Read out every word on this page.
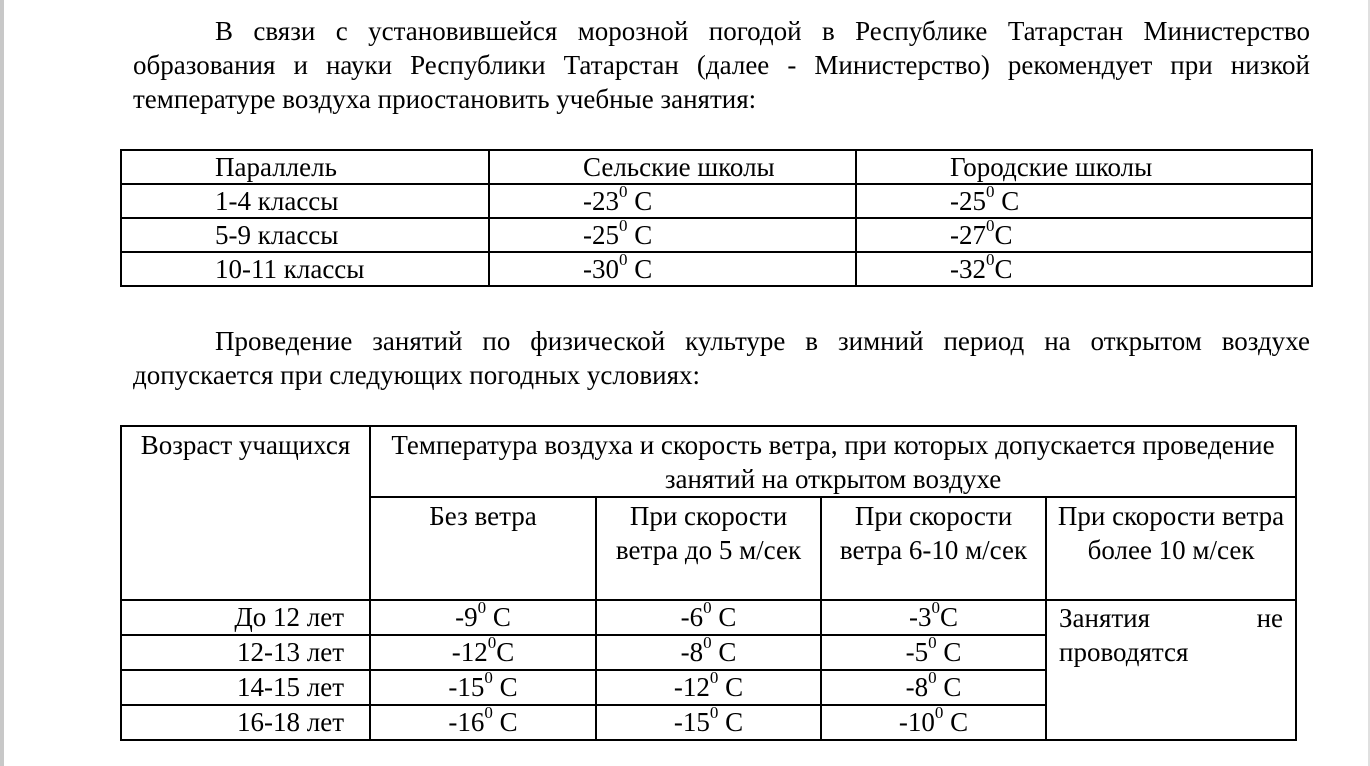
В связи с установившейся морозной погодой в Республике Татарстан Министерство образования и науки Республики Татарстан (далее - Министерство) рекомендует при низкой температуре воздуха приостановить учебные занятия:

Параллель	Сельские школы	Городские школы
1-4 классы	$-23^0$ С	$-25^0$ С
5-9 классы	$-25^0$ С	$-27^0С$
10-11 классы	$-30^0$ С	$-32^0С$

Проведение занятий по физической культуре в зимний период на открытом воздухе допускается при следующих погодных условиях:

Возраст учащихся	Температура воздуха и скорость ветра, при которых допускается проведение занятий на открытом воздухе			
	Без ветра	При скорости ветра до 5 м/сек	При скорости ветра 6-10 м/сек	При скорости ветра более 10 м/сек
До 12 лет	$-9^0$ С	$-6^0$ С	$-3^0С$	Занятия не
проводятся

12-13 лет	$-12^0С$	$-8^0$ С	$-5^0$ С	
14-15 лет	$-15^0$ С	$-12^0$ С	$-8^0$ С	
16-18 лет	$-16^0$ С	$-15^0$ С	$-10^0$ С	
